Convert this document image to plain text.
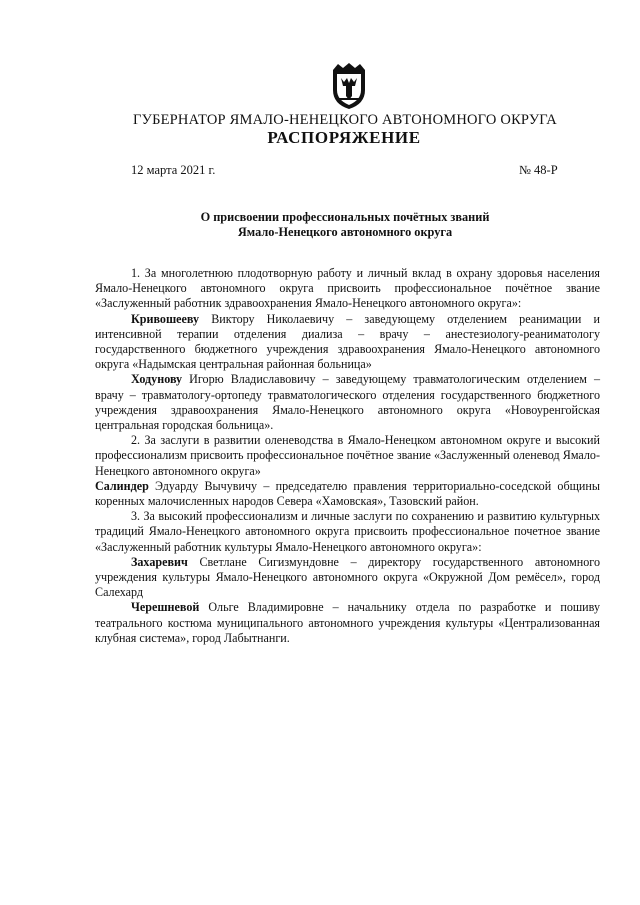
ГУБЕРНАТОР ЯМАЛО-НЕНЕЦКОГО АВТОНОМНОГО ОКРУГА
РАСПОРЯЖЕНИЕ
12 марта 2021 г.	№ 48-Р
О присвоении профессиональных почётных званий
Ямало-Ненецкого автономного округа

1. За многолетнюю плодотворную работу и личный вклад в охрану здоровья населения Ямало-Ненецкого автономного округа присвоить профессиональное почётное звание «Заслуженный работник здравоохранения Ямало-Ненецкого автономного округа»:

Кривошееву Виктору Николаевичу – заведующему отделением реанимации и интенсивной терапии отделения диализа – врачу – анестезиологу-реаниматологу государственного бюджетного учреждения здравоохранения Ямало-Ненецкого автономного округа «Надымская центральная районная больница»

Ходунову Игорю Владиславовичу – заведующему травматологическим отделением – врачу – травматологу-ортопеду травматологического отделения государственного бюджетного учреждения здравоохранения Ямало-Ненецкого автономного округа «Новоуренгойская центральная городская больница».

2. За заслуги в развитии оленеводства в Ямало-Ненецком автономном округе и высокий профессионализм присвоить профессиональное почётное звание «Заслуженный оленевод Ямало-Ненецкого автономного округа»

Салиндер Эдуарду Вычувичу – председателю правления территориально-соседской общины коренных малочисленных народов Севера «Хамовская», Тазовский район.

3. За высокий профессионализм и личные заслуги по сохранению и развитию культурных традиций Ямало-Ненецкого автономного округа присвоить профессиональное почетное звание «Заслуженный работник культуры Ямало-Ненецкого автономного округа»:

Захаревич Светлане Сигизмундовне – директору государственного автономного учреждения культуры Ямало-Ненецкого автономного округа «Окружной Дом ремёсел», город Салехард

Черешневой Ольге Владимировне – начальнику отдела по разработке и пошиву театрального костюма муниципального автономного учреждения культуры «Централизованная клубная система», город Лабытнанги.
